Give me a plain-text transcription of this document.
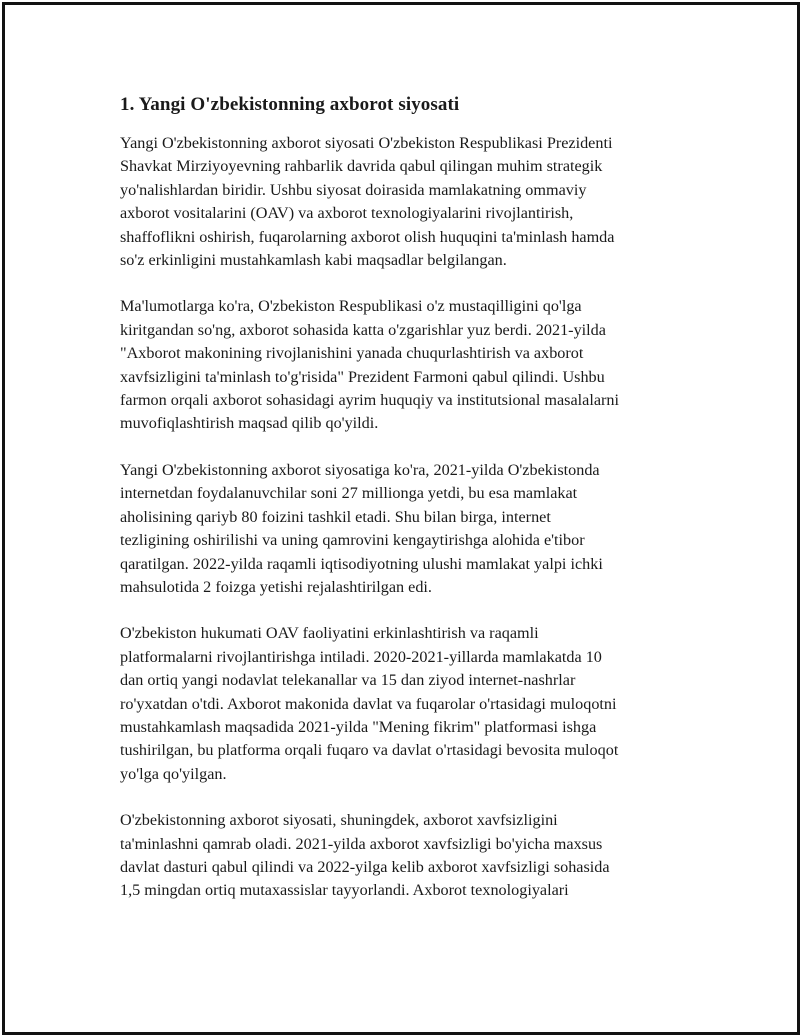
1. Yangi O'zbekistonning axborot siyosati

Yangi O'zbekistonning axborot siyosati O'zbekiston Respublikasi Prezidenti
Shavkat Mirziyoyevning rahbarlik davrida qabul qilingan muhim strategik
yo'nalishlardan biridir. Ushbu siyosat doirasida mamlakatning ommaviy
axborot vositalarini (OAV) va axborot texnologiyalarini rivojlantirish,
shaffoflikni oshirish, fuqarolarning axborot olish huquqini ta'minlash hamda
so'z erkinligini mustahkamlash kabi maqsadlar belgilangan.

Ma'lumotlarga ko'ra, O'zbekiston Respublikasi o'z mustaqilligini qo'lga
kiritgandan so'ng, axborot sohasida katta o'zgarishlar yuz berdi. 2021-yilda
"Axborot makonining rivojlanishini yanada chuqurlashtirish va axborot
xavfsizligini ta'minlash to'g'risida" Prezident Farmoni qabul qilindi. Ushbu
farmon orqali axborot sohasidagi ayrim huquqiy va institutsional masalalarni
muvofiqlashtirish maqsad qilib qo'yildi.

Yangi O'zbekistonning axborot siyosatiga ko'ra, 2021-yilda O'zbekistonda
internetdan foydalanuvchilar soni 27 millionga yetdi, bu esa mamlakat
aholisining qariyb 80 foizini tashkil etadi. Shu bilan birga, internet
tezligining oshirilishi va uning qamrovini kengaytirishga alohida e'tibor
qaratilgan. 2022-yilda raqamli iqtisodiyotning ulushi mamlakat yalpi ichki
mahsulotida 2 foizga yetishi rejalashtirilgan edi.

O'zbekiston hukumati OAV faoliyatini erkinlashtirish va raqamli
platformalarni rivojlantirishga intiladi. 2020-2021-yillarda mamlakatda 10
dan ortiq yangi nodavlat telekanallar va 15 dan ziyod internet-nashrlar
ro'yxatdan o'tdi. Axborot makonida davlat va fuqarolar o'rtasidagi muloqotni
mustahkamlash maqsadida 2021-yilda "Mening fikrim" platformasi ishga
tushirilgan, bu platforma orqali fuqaro va davlat o'rtasidagi bevosita muloqot
yo'lga qo'yilgan.

O'zbekistonning axborot siyosati, shuningdek, axborot xavfsizligini
ta'minlashni qamrab oladi. 2021-yilda axborot xavfsizligi bo'yicha maxsus
davlat dasturi qabul qilindi va 2022-yilga kelib axborot xavfsizligi sohasida
1,5 mingdan ortiq mutaxassislar tayyorlandi. Axborot texnologiyalari
